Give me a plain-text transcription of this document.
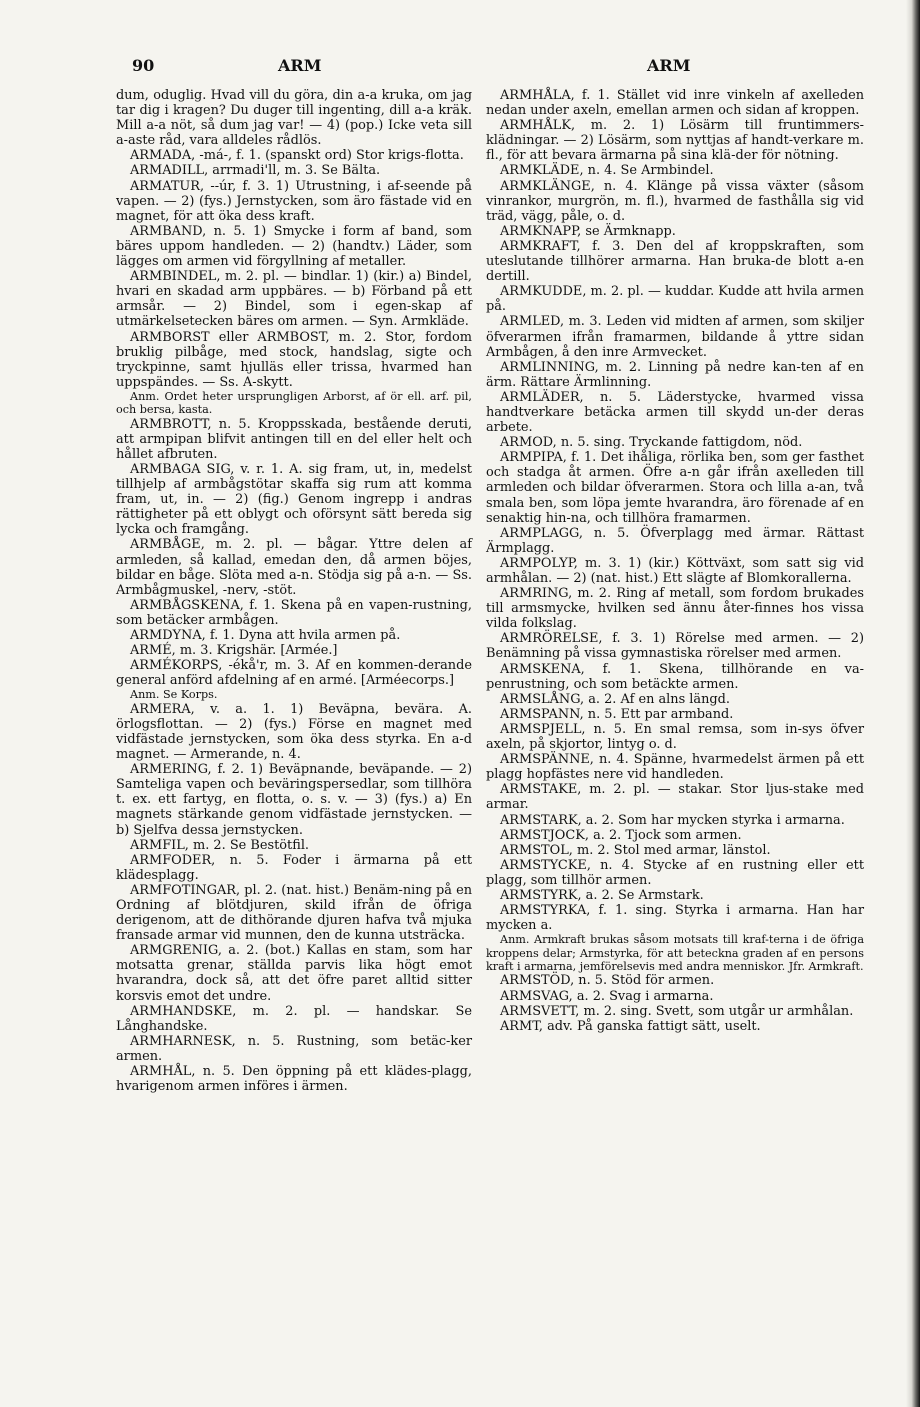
90	ARM	ARM

dum, oduglig. Hvad vill du göra, din a-a kruka, om jag tar dig i kragen? Du duger till ingenting, dill a-a kräk. Mill a-a nöt, så dum jag var! — 4) (pop.) Icke veta sill a-aste råd, vara alldeles rådlös.

ARMADA, -má-, f. 1. (spanskt ord) Stor krigs-flotta.

ARMADILL, arrmadi'll, m. 3. Se Bälta.

ARMATUR, --úr, f. 3. 1) Utrustning, i af-seende på vapen. — 2) (fys.) Jernstycken, som äro fästade vid en magnet, för att öka dess kraft.

ARMBAND, n. 5. 1) Smycke i form af band, som bäres uppom handleden. — 2) (handtv.) Läder, som lägges om armen vid förgyllning af metaller.

ARMBINDEL, m. 2. pl. — bindlar. 1) (kir.) a) Bindel, hvari en skadad arm uppbäres. — b) Förband på ett armsår. — 2) Bindel, som i egen-skap af utmärkelsetecken bäres om armen. — Syn. Armkläde.

ARMBORST eller ARMBOST, m. 2. Stor, fordom bruklig pilbåge, med stock, handslag, sigte och tryckpinne, samt hjulläs eller trissa, hvarmed han uppspändes. — Ss. A-skytt.

Anm. Ordet heter ursprungligen Arborst, af ör ell. arf. pil, och bersa, kasta.

ARMBROTT, n. 5. Kroppsskada, bestående deruti, att armpipan blifvit antingen till en del eller helt och hållet afbruten.

ARMBAGA SIG, v. r. 1. A. sig fram, ut, in, medelst tillhjelp af armbågstötar skaffa sig rum att komma fram, ut, in. — 2) (fig.) Genom ingrepp i andras rättigheter på ett oblygt och oförsynt sätt bereda sig lycka och framgång.

ARMBÅGE, m. 2. pl. — bågar. Yttre delen af armleden, så kallad, emedan den, då armen böjes, bildar en båge. Slöta med a-n. Stödja sig på a-n. — Ss. Armbågmuskel, -nerv, -stöt.

ARMBÅGSKENA, f. 1. Skena på en vapen-rustning, som betäcker armbågen.

ARMDYNA, f. 1. Dyna att hvila armen på.

ARMÉ, m. 3. Krigshär. [Armée.]

ARMÉKORPS, -ékå'r, m. 3. Af en kommen-derande general anförd afdelning af en armé. [Arméecorps.]

Anm. Se Korps.

ARMERA, v. a. 1. 1) Beväpna, bevära. A. örlogsflottan. — 2) (fys.) Förse en magnet med vidfästade jernstycken, som öka dess styrka. En a-d magnet. — Armerande, n. 4.

ARMERING, f. 2. 1) Beväpnande, beväpande. — 2) Samteliga vapen och beväringspersedlar, som tillhöra t. ex. ett fartyg, en flotta, o. s. v. — 3) (fys.) a) En magnets stärkande genom vidfästade jernstycken. — b) Sjelfva dessa jernstycken.

ARMFIL, m. 2. Se Bestötfil.

ARMFODER, n. 5. Foder i ärmarna på ett klädesplagg.

ARMFOTINGAR, pl. 2. (nat. hist.) Benäm-ning på en Ordning af blötdjuren, skild ifrån de öfriga derigenom, att de dithörande djuren hafva två mjuka fransade armar vid munnen, den de kunna utsträcka.

ARMGRENIG, a. 2. (bot.) Kallas en stam, som har motsatta grenar, ställda parvis lika högt emot hvarandra, dock så, att det öfre paret alltid sitter korsvis emot det undre.

ARMHANDSKE, m. 2. pl. — handskar. Se Långhandske.

ARMHARNESK, n. 5. Rustning, som betäc-ker armen.

ARMHÅL, n. 5. Den öppning på ett klädes-plagg, hvarigenom armen införes i ärmen.

ARMHÅLA, f. 1. Stället vid inre vinkeln af axelleden nedan under axeln, emellan armen och sidan af kroppen.

ARMHÅLK, m. 2. 1) Lösärm till fruntimmers-klädningar. — 2) Lösärm, som nyttjas af handt-verkare m. fl., för att bevara ärmarna på sina klä-der för nötning.

ARMKLÄDE, n. 4. Se Armbindel.

ARMKLÄNGE, n. 4. Klänge på vissa växter (såsom vinrankor, murgrön, m. fl.), hvarmed de fasthålla sig vid träd, vägg, påle, o. d.

ARMKNAPP, se Ärmknapp.

ARMKRAFT, f. 3. Den del af kroppskraften, som uteslutande tillhörer armarna. Han bruka-de blott a-en dertill.

ARMKUDDE, m. 2. pl. — kuddar. Kudde att hvila armen på.

ARMLED, m. 3. Leden vid midten af armen, som skiljer öfverarmen ifrån framarmen, bildande å yttre sidan Armbågen, å den inre Armvecket.

ARMLINNING, m. 2. Linning på nedre kan-ten af en ärm. Rättare Ärmlinning.

ARMLÄDER, n. 5. Läderstycke, hvarmed vissa handtverkare betäcka armen till skydd un-der deras arbete.

ARMOD, n. 5. sing. Tryckande fattigdom, nöd.

ARMPIPA, f. 1. Det ihåliga, rörlika ben, som ger fasthet och stadga åt armen. Öfre a-n går ifrån axelleden till armleden och bildar öfverarmen. Stora och lilla a-an, två smala ben, som löpa jemte hvarandra, äro förenade af en senaktig hin-na, och tillhöra framarmen.

ARMPLAGG, n. 5. Öfverplagg med ärmar. Rättast Ärmplagg.

ARMPOLYP, m. 3. 1) (kir.) Köttväxt, som satt sig vid armhålan. — 2) (nat. hist.) Ett slägte af Blomkorallerna.

ARMRING, m. 2. Ring af metall, som fordom brukades till armsmycke, hvilken sed ännu åter-finnes hos vissa vilda folkslag.

ARMRÖRELSE, f. 3. 1) Rörelse med armen. — 2) Benämning på vissa gymnastiska rörelser med armen.

ARMSKENA, f. 1. Skena, tillhörande en va-penrustning, och som betäckte armen.

ARMSLÅNG, a. 2. Af en alns längd.

ARMSPANN, n. 5. Ett par armband.

ARMSPJELL, n. 5. En smal remsa, som in-sys öfver axeln, på skjortor, lintyg o. d.

ARMSPÄNNE, n. 4. Spänne, hvarmedelst ärmen på ett plagg hopfästes nere vid handleden.

ARMSTAKE, m. 2. pl. — stakar. Stor ljus-stake med armar.

ARMSTARK, a. 2. Som har mycken styrka i armarna.

ARMSTJOCK, a. 2. Tjock som armen.

ARMSTOL, m. 2. Stol med armar, länstol.

ARMSTYCKE, n. 4. Stycke af en rustning eller ett plagg, som tillhör armen.

ARMSTYRK, a. 2. Se Armstark.

ARMSTYRKA, f. 1. sing. Styrka i armarna. Han har mycken a.

Anm. Armkraft brukas såsom motsats till kraf-terna i de öfriga kroppens delar; Armstyrka, för att beteckna graden af en persons kraft i armarna, jemförelsevis med andra menniskor. Jfr. Armkraft.

ARMSTÖD, n. 5. Stöd för armen.

ARMSVAG, a. 2. Svag i armarna.

ARMSVETT, m. 2. sing. Svett, som utgår ur armhålan.

ARMT, adv. På ganska fattigt sätt, uselt.
